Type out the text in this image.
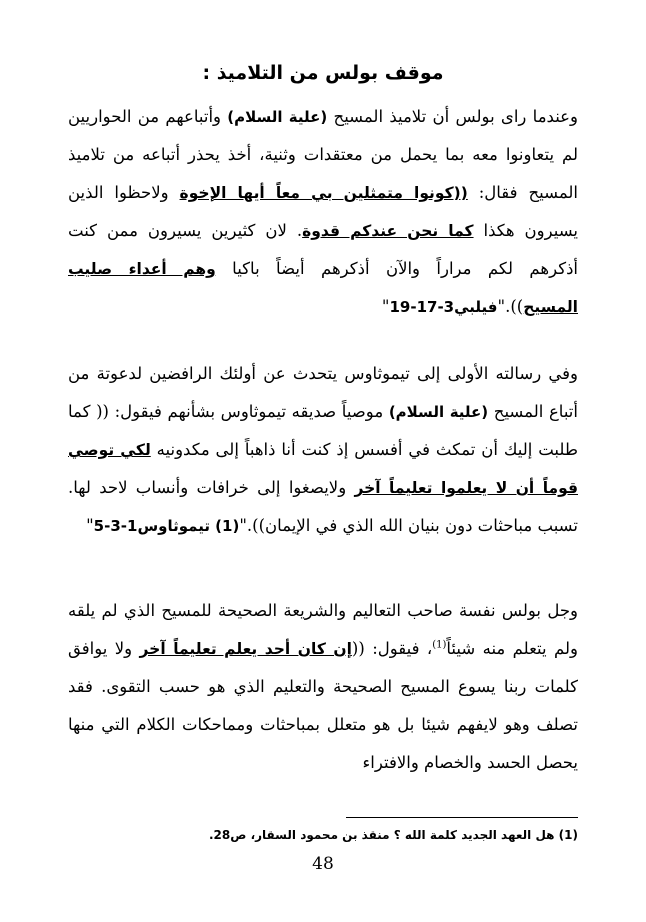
موقف بولس من التلاميذ :
وعندما راى بولس أن تلاميذ المسيح (علية السلام) وأتباعهم من الحواريين لم يتعاونوا معه بما يحمل من معتقدات وثنية، أخذ يحذر أتباعه من تلاميذ المسيح فقال: ((كونوا متمثلين بي معاً أيها الإخوة ولاحظوا الذين يسيرون هكذا كما نحن عندكم قدوة. لان كثيرين يسيرون ممن كنت أذكرهم لكم مراراً والآن أذكرهم أيضاً باكيا وهم أعداء صليب المسيح))."فيلبي3-17-19"
وفي رسالته الأولى إلى تيموثاوس يتحدث عن أولئك الرافضين لدعوتة من أتباع المسيح (علية السلام) موصياً صديقه تيموثاوس بشأنهم فيقول: (( كما طلبت إليك أن تمكث في أفسس إذ كنت أنا ذاهباً إلى مكدونيه لكي توصي قوماً أن لا يعلموا تعليماً آخر ولايصغوا إلى خرافات وأنساب لاحد لها. تسبب مباحثات دون بنيان الله الذي في الإيمان))."(1) تيموثاوس1-3-5"
وجل بولس نفسة صاحب التعاليم والشريعة الصحيحة للمسيح الذي لم يلقه ولم يتعلم منه شيئاً$^{(1)}$، فيقول: ((إن كان أحد يعلم تعليماً آخر ولا يوافق كلمات ربنا يسوع المسيح الصحيحة والتعليم الذي هو حسب التقوى. فقد تصلف وهو لايفهم شيئا بل هو متعلل بمباحثات ومماحكات الكلام التي منها يحصل الحسد والخصام والافتراء
(1) هل العهد الجديد كلمة الله ؟ منقذ بن محمود السقار، ص28.
48
